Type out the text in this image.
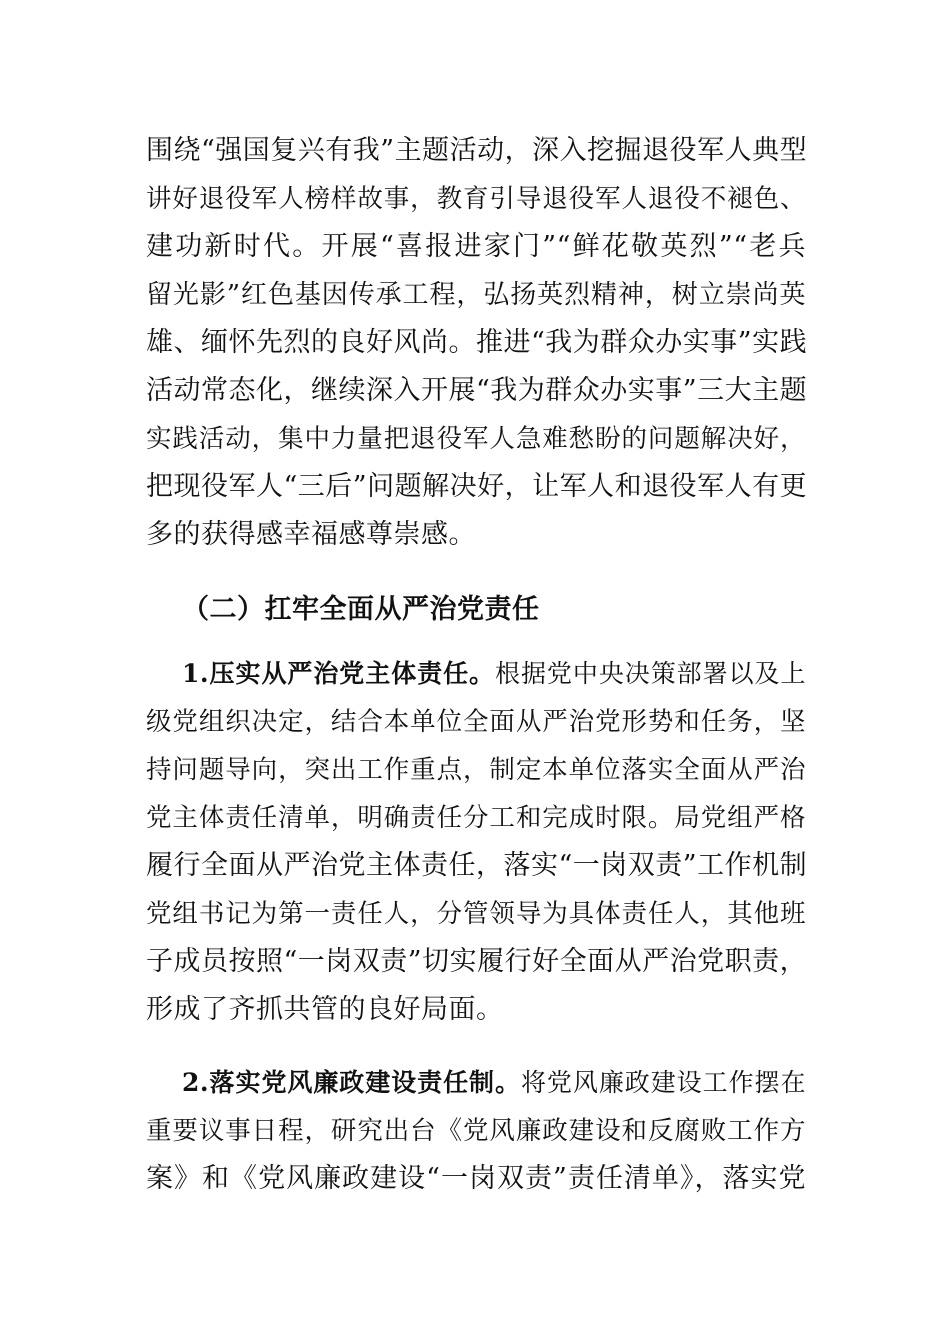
围绕“强国复兴有我”主题活动，深入挖掘退役军人典型
讲好退役军人榜样故事，教育引导退役军人退役不褪色、
建功新时代。开展“喜报进家门”“鲜花敬英烈”“老兵
留光影”红色基因传承工程，弘扬英烈精神，树立崇尚英
雄、缅怀先烈的良好风尚。推进“我为群众办实事”实践
活动常态化，继续深入开展“我为群众办实事”三大主题
实践活动，集中力量把退役军人急难愁盼的问题解决好，
把现役军人“三后”问题解决好，让军人和退役军人有更
多的获得感幸福感尊崇感。
（二）扛牢全面从严治党责任
1.压实从严治党主体责任。根据党中央决策部署以及上
级党组织决定，结合本单位全面从严治党形势和任务，坚
持问题导向，突出工作重点，制定本单位落实全面从严治
党主体责任清单，明确责任分工和完成时限。局党组严格
履行全面从严治党主体责任，落实“一岗双责”工作机制
党组书记为第一责任人，分管领导为具体责任人，其他班
子成员按照“一岗双责”切实履行好全面从严治党职责，
形成了齐抓共管的良好局面。
2.落实党风廉政建设责任制。将党风廉政建设工作摆在
重要议事日程，研究出台《党风廉政建设和反腐败工作方
案》和《党风廉政建设“一岗双责”责任清单》，落实党
